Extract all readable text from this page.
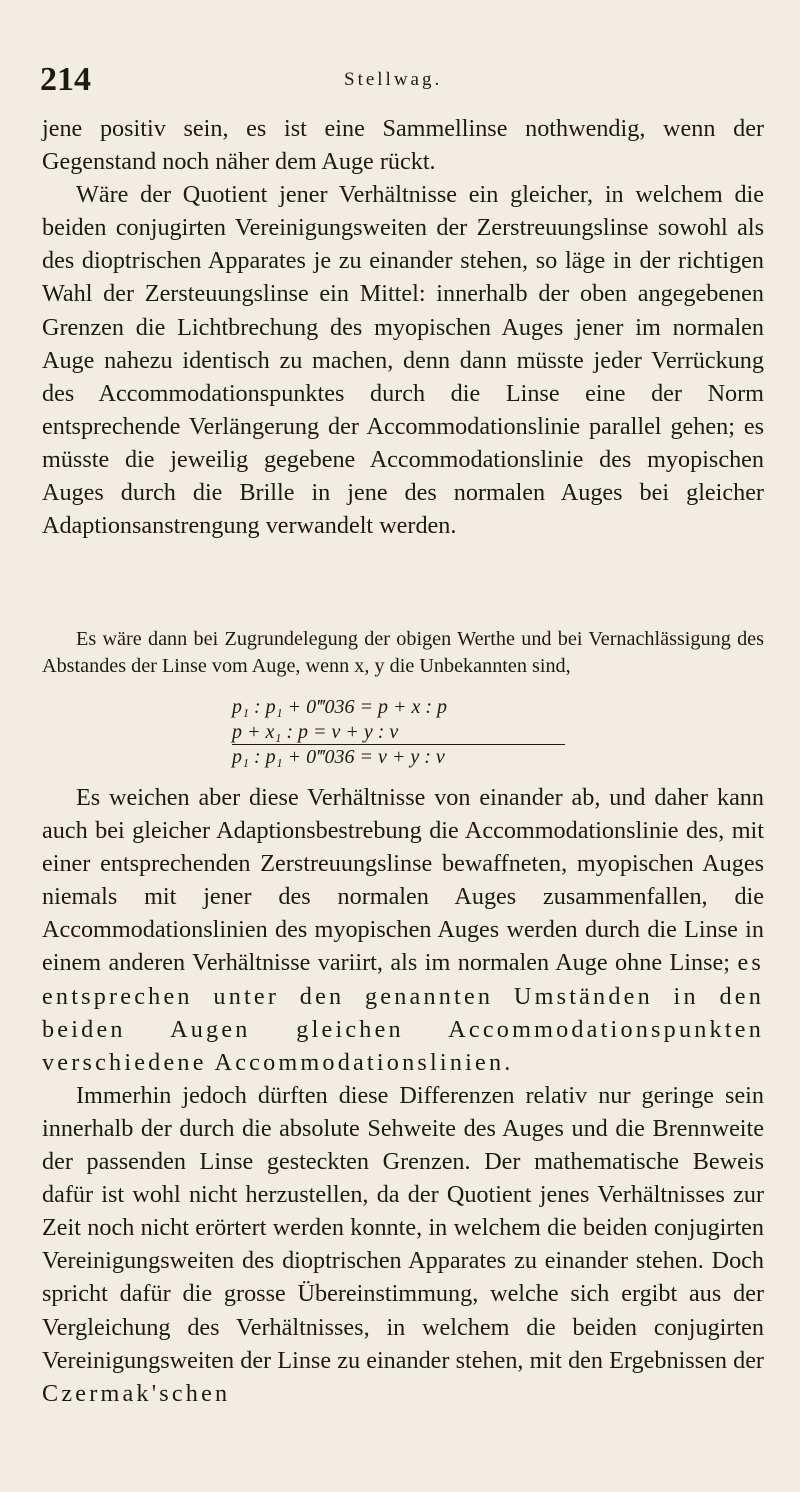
214	Stellwag.

jene positiv sein, es ist eine Sammellinse nothwendig, wenn der Gegenstand noch näher dem Auge rückt.

Wäre der Quotient jener Verhältnisse ein gleicher, in welchem die beiden conjugirten Vereinigungsweiten der Zerstreuungslinse sowohl als des dioptrischen Apparates je zu einander stehen, so läge in der richtigen Wahl der Zersteuungslinse ein Mittel: innerhalb der oben angegebenen Grenzen die Lichtbrechung des myopischen Auges jener im normalen Auge nahezu identisch zu machen, denn dann müsste jeder Verrückung des Accommodationspunktes durch die Linse eine der Norm entsprechende Verlängerung der Accommodationslinie parallel gehen; es müsste die jeweilig gegebene Accommodationslinie des myopischen Auges durch die Brille in jene des normalen Auges bei gleicher Adaptionsanstrengung verwandelt werden.

Es wäre dann bei Zugrundelegung der obigen Werthe und bei Vernachlässigung des Abstandes der Linse vom Auge, wenn x, y die Unbekannten sind,

p₁ : p₁ + 0‴036 = p + x : p
p + x₁ : p = v + y : v
p₁ : p₁ + 0‴036 = v + y : v

Es weichen aber diese Verhältnisse von einander ab, und daher kann auch bei gleicher Adaptionsbestrebung die Accommodationslinie des, mit einer entsprechenden Zerstreuungslinse bewaffneten, myopischen Auges niemals mit jener des normalen Auges zusammenfallen, die Accommodationslinien des myopischen Auges werden durch die Linse in einem anderen Verhältnisse variirt, als im normalen Auge ohne Linse; es entsprechen unter den genannten Umständen in den beiden Augen gleichen Accommodationspunkten verschiedene Accommodationslinien.

Immerhin jedoch dürften diese Differenzen relativ nur geringe sein innerhalb der durch die absolute Sehweite des Auges und die Brennweite der passenden Linse gesteckten Grenzen. Der mathematische Beweis dafür ist wohl nicht herzustellen, da der Quotient jenes Verhältnisses zur Zeit noch nicht erörtert werden konnte, in welchem die beiden conjugirten Vereinigungsweiten des dioptrischen Apparates zu einander stehen. Doch spricht dafür die grosse Übereinstimmung, welche sich ergibt aus der Vergleichung des Verhältnisses, in welchem die beiden conjugirten Vereinigungsweiten der Linse zu einander stehen, mit den Ergebnissen der Czermak'schen
